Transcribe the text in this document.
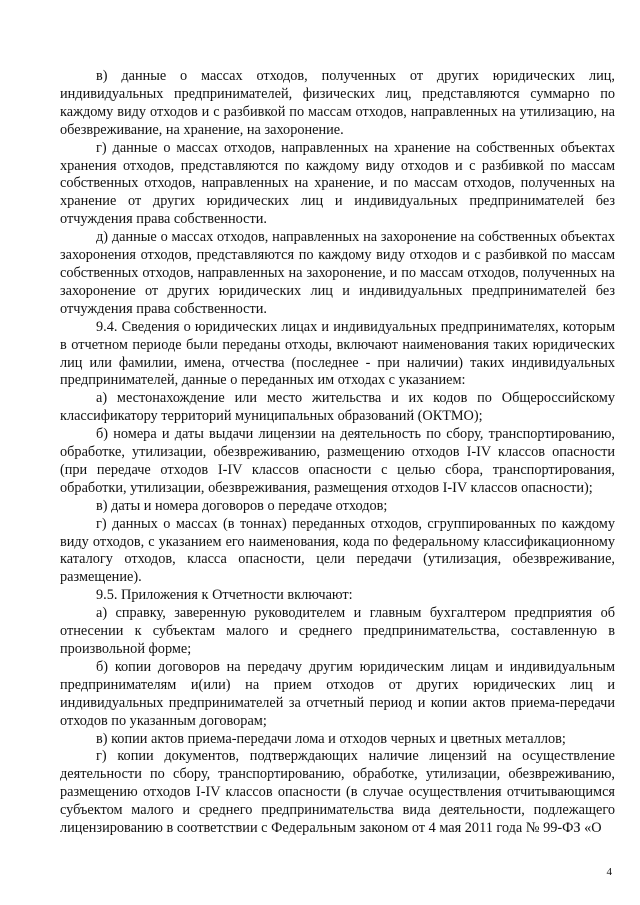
в) данные о массах отходов, полученных от других юридических лиц, индивидуальных предпринимателей, физических лиц, представляются суммарно по каждому виду отходов и с разбивкой по массам отходов, направленных на утилизацию, на обезвреживание, на хранение, на захоронение.

г) данные о массах отходов, направленных на хранение на собственных объектах хранения отходов, представляются по каждому виду отходов и с разбивкой по массам собственных отходов, направленных на хранение, и по массам отходов, полученных на хранение от других юридических лиц и индивидуальных предпринимателей без отчуждения права собственности.

д) данные о массах отходов, направленных на захоронение на собственных объектах захоронения отходов, представляются по каждому виду отходов и с разбивкой по массам собственных отходов, направленных на захоронение, и по массам отходов, полученных на захоронение от других юридических лиц и индивидуальных предпринимателей без отчуждения права собственности.

9.4. Сведения о юридических лицах и индивидуальных предпринимателях, которым в отчетном периоде были переданы отходы, включают наименования таких юридических лиц или фамилии, имена, отчества (последнее - при наличии) таких индивидуальных предпринимателей, данные о переданных им отходах с указанием:

а) местонахождение или место жительства и их кодов по Общероссийскому классификатору территорий муниципальных образований (ОКТМО);

б) номера и даты выдачи лицензии на деятельность по сбору, транспортированию, обработке, утилизации, обезвреживанию, размещению отходов I-IV классов опасности (при передаче отходов I-IV классов опасности с целью сбора, транспортирования, обработки, утилизации, обезвреживания, размещения отходов I-IV классов опасности);

в) даты и номера договоров о передаче отходов;

г) данных о массах (в тоннах) переданных отходов, сгруппированных по каждому виду отходов, с указанием его наименования, кода по федеральному классификационному каталогу отходов, класса опасности, цели передачи (утилизация, обезвреживание, размещение).

9.5. Приложения к Отчетности включают:

а) справку, заверенную руководителем и главным бухгалтером предприятия об отнесении к субъектам малого и среднего предпринимательства, составленную в произвольной форме;

б) копии договоров на передачу другим юридическим лицам и индивидуальным предпринимателям и(или) на прием отходов от других юридических лиц и индивидуальных предпринимателей за отчетный период и копии актов приема-передачи отходов по указанным договорам;

в) копии актов приема-передачи лома и отходов черных и цветных металлов;

г) копии документов, подтверждающих наличие лицензий на осуществление деятельности по сбору, транспортированию, обработке, утилизации, обезвреживанию, размещению отходов I-IV классов опасности (в случае осуществления отчитывающимся субъектом малого и среднего предпринимательства вида деятельности, подлежащего лицензированию в соответствии с Федеральным законом от 4 мая 2011 года № 99-ФЗ «О

4
